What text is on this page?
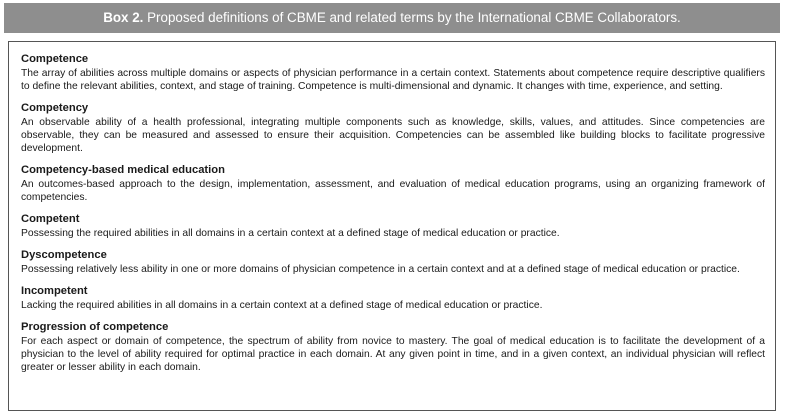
Box 2. Proposed definitions of CBME and related terms by the International CBME Collaborators.
Competence
The array of abilities across multiple domains or aspects of physician performance in a certain context. Statements about competence require descriptive qualifiers to define the relevant abilities, context, and stage of training. Competence is multi-dimensional and dynamic. It changes with time, experience, and setting.
Competency
An observable ability of a health professional, integrating multiple components such as knowledge, skills, values, and attitudes. Since competencies are observable, they can be measured and assessed to ensure their acquisition. Competencies can be assembled like building blocks to facilitate progressive development.
Competency-based medical education
An outcomes-based approach to the design, implementation, assessment, and evaluation of medical education programs, using an organizing framework of competencies.
Competent
Possessing the required abilities in all domains in a certain context at a defined stage of medical education or practice.
Dyscompetence
Possessing relatively less ability in one or more domains of physician competence in a certain context and at a defined stage of medical education or practice.
Incompetent
Lacking the required abilities in all domains in a certain context at a defined stage of medical education or practice.
Progression of competence
For each aspect or domain of competence, the spectrum of ability from novice to mastery. The goal of medical education is to facilitate the development of a physician to the level of ability required for optimal practice in each domain. At any given point in time, and in a given context, an individual physician will reflect greater or lesser ability in each domain.
